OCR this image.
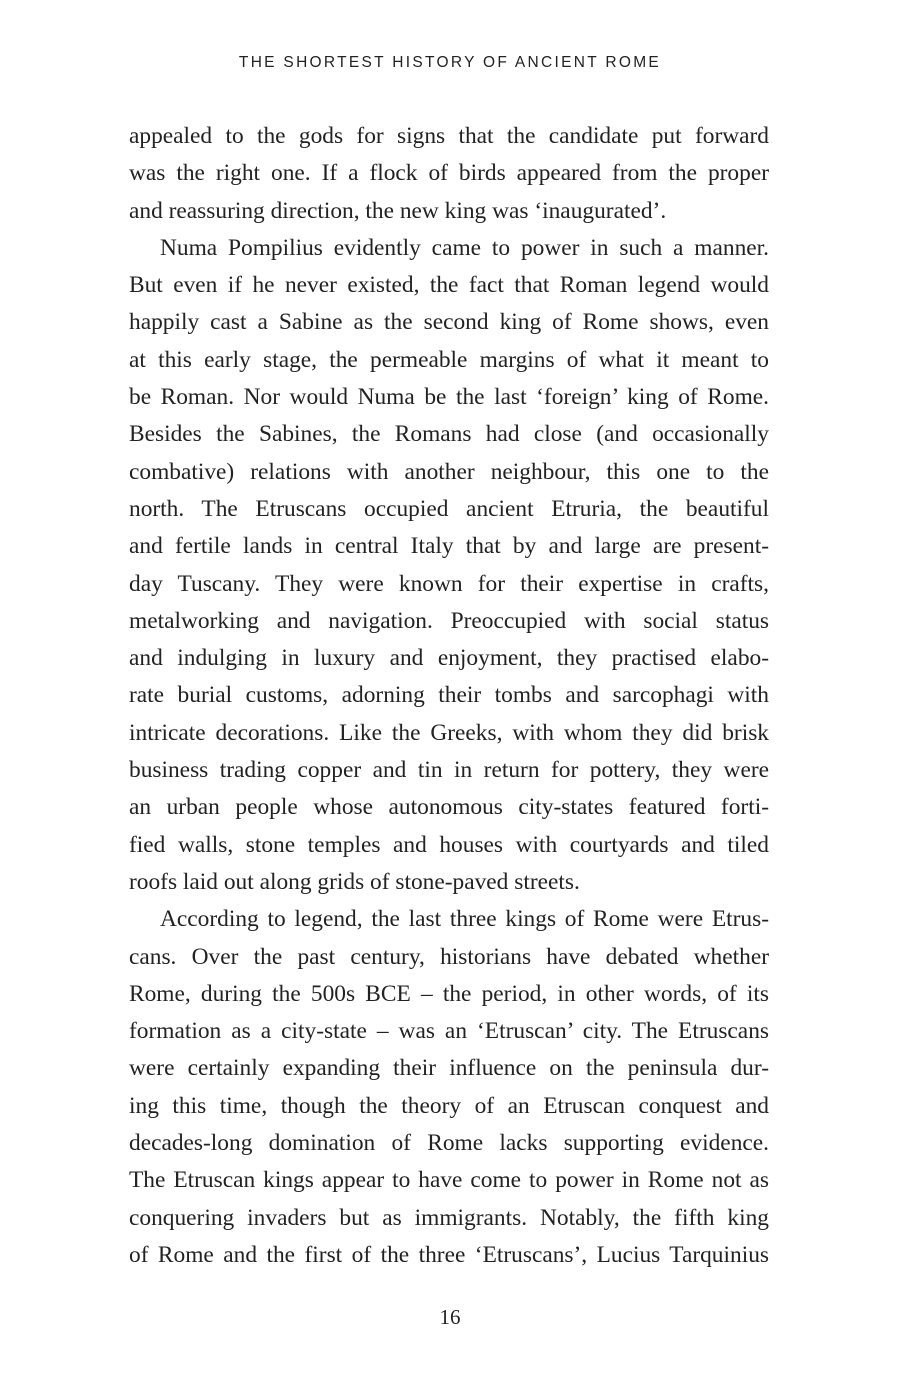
THE SHORTEST HISTORY OF ANCIENT ROME

appealed to the gods for signs that the candidate put forward
was the right one. If a flock of birds appeared from the proper
and reassuring direction, the new king was ‘inaugurated’.

Numa Pompilius evidently came to power in such a manner.
But even if he never existed, the fact that Roman legend would
happily cast a Sabine as the second king of Rome shows, even
at this early stage, the permeable margins of what it meant to
be Roman. Nor would Numa be the last ‘foreign’ king of Rome.
Besides the Sabines, the Romans had close (and occasionally
combative) relations with another neighbour, this one to the
north. The Etruscans occupied ancient Etruria, the beautiful
and fertile lands in central Italy that by and large are present-
day Tuscany. They were known for their expertise in crafts,
metalworking and navigation. Preoccupied with social status
and indulging in luxury and enjoyment, they practised elabo-
rate burial customs, adorning their tombs and sarcophagi with
intricate decorations. Like the Greeks, with whom they did brisk
business trading copper and tin in return for pottery, they were
an urban people whose autonomous city-states featured forti-
fied walls, stone temples and houses with courtyards and tiled
roofs laid out along grids of stone-paved streets.

According to legend, the last three kings of Rome were Etrus-
cans. Over the past century, historians have debated whether
Rome, during the 500s BCE – the period, in other words, of its
formation as a city-state – was an ‘Etruscan’ city. The Etruscans
were certainly expanding their influence on the peninsula dur-
ing this time, though the theory of an Etruscan conquest and
decades-long domination of Rome lacks supporting evidence.
The Etruscan kings appear to have come to power in Rome not as
conquering invaders but as immigrants. Notably, the fifth king
of Rome and the first of the three ‘Etruscans’, Lucius Tarquinius

16
